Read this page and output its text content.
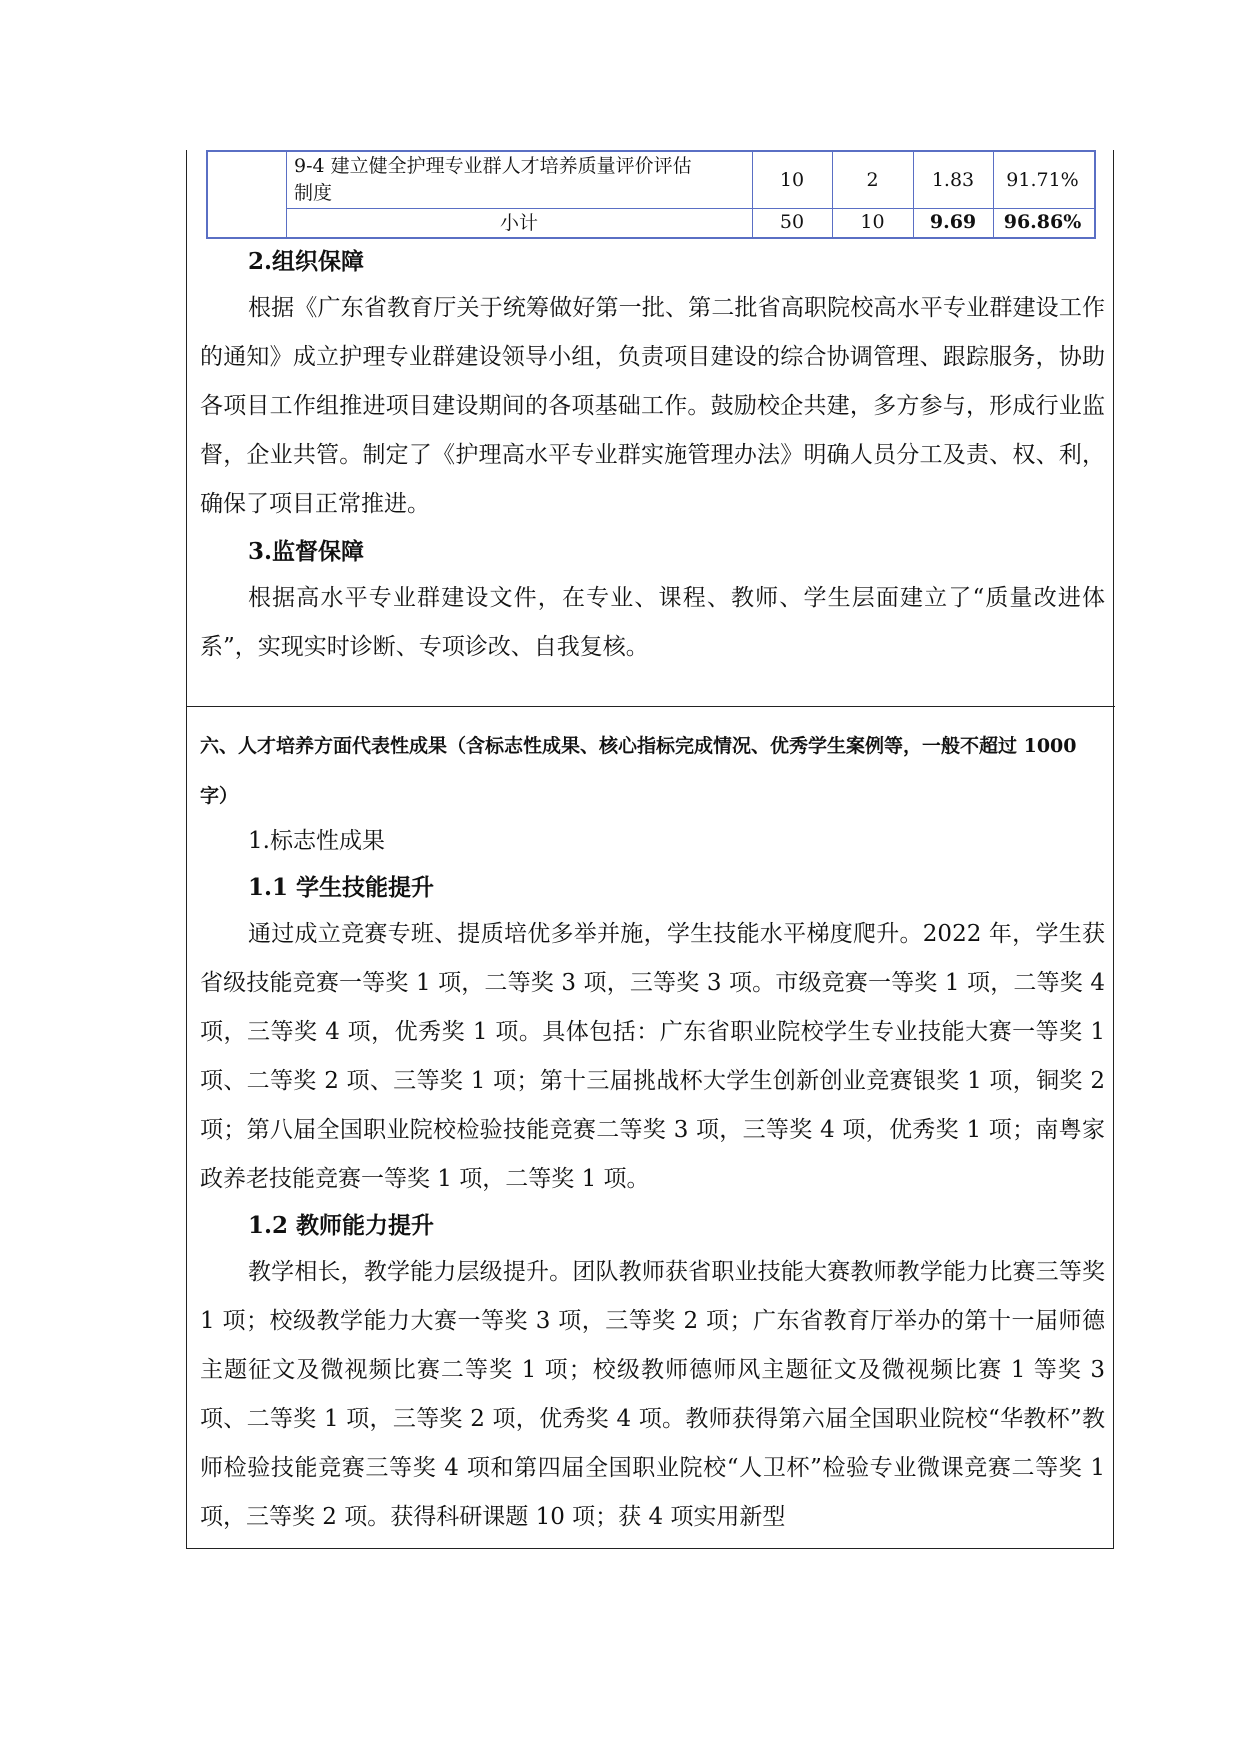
9-4 建立健全护理专业群人才培养质量评价评估
制度
10	2	1.83	91.71%
小计	50	10	9.69	96.86%
2.组织保障

根据《广东省教育厅关于统筹做好第一批、第二批省高职院校高水平专业群建设工作的通知》成立护理专业群建设领导小组，负责项目建设的综合协调管理、跟踪服务，协助各项目工作组推进项目建设期间的各项基础工作。鼓励校企共建，多方参与，形成行业监督，企业共管。制定了《护理高水平专业群实施管理办法》明确人员分工及责、权、利，确保了项目正常推进。

3.监督保障

根据高水平专业群建设文件，在专业、课程、教师、学生层面建立了“质量改进体系”，实现实时诊断、专项诊改、自我复核。

六、人才培养方面代表性成果（含标志性成果、核心指标完成情况、优秀学生案例等，一般不超过 1000 字）

1.标志性成果
1.1 学生技能提升

通过成立竞赛专班、提质培优多举并施，学生技能水平梯度爬升。2022 年，学生获省级技能竞赛一等奖 1 项，二等奖 3 项，三等奖 3 项。市级竞赛一等奖 1 项，二等奖 4 项，三等奖 4 项，优秀奖 1 项。具体包括：广东省职业院校学生专业技能大赛一等奖 1 项、二等奖 2 项、三等奖 1 项；第十三届挑战杯大学生创新创业竞赛银奖 1 项，铜奖 2 项；第八届全国职业院校检验技能竞赛二等奖 3 项，三等奖 4 项，优秀奖 1 项；南粤家政养老技能竞赛一等奖 1 项，二等奖 1 项。

1.2 教师能力提升

教学相长，教学能力层级提升。团队教师获省职业技能大赛教师教学能力比赛三等奖 1 项；校级教学能力大赛一等奖 3 项，三等奖 2 项；广东省教育厅举办的第十一届师德主题征文及微视频比赛二等奖 1 项；校级教师德师风主题征文及微视频比赛 1 等奖 3 项、二等奖 1 项，三等奖 2 项，优秀奖 4 项。教师获得第六届全国职业院校“华教杯”教师检验技能竞赛三等奖 4 项和第四届全国职业院校“人卫杯”检验专业微课竞赛二等奖 1 项，三等奖 2 项。获得科研课题 10 项；获 4 项实用新型
